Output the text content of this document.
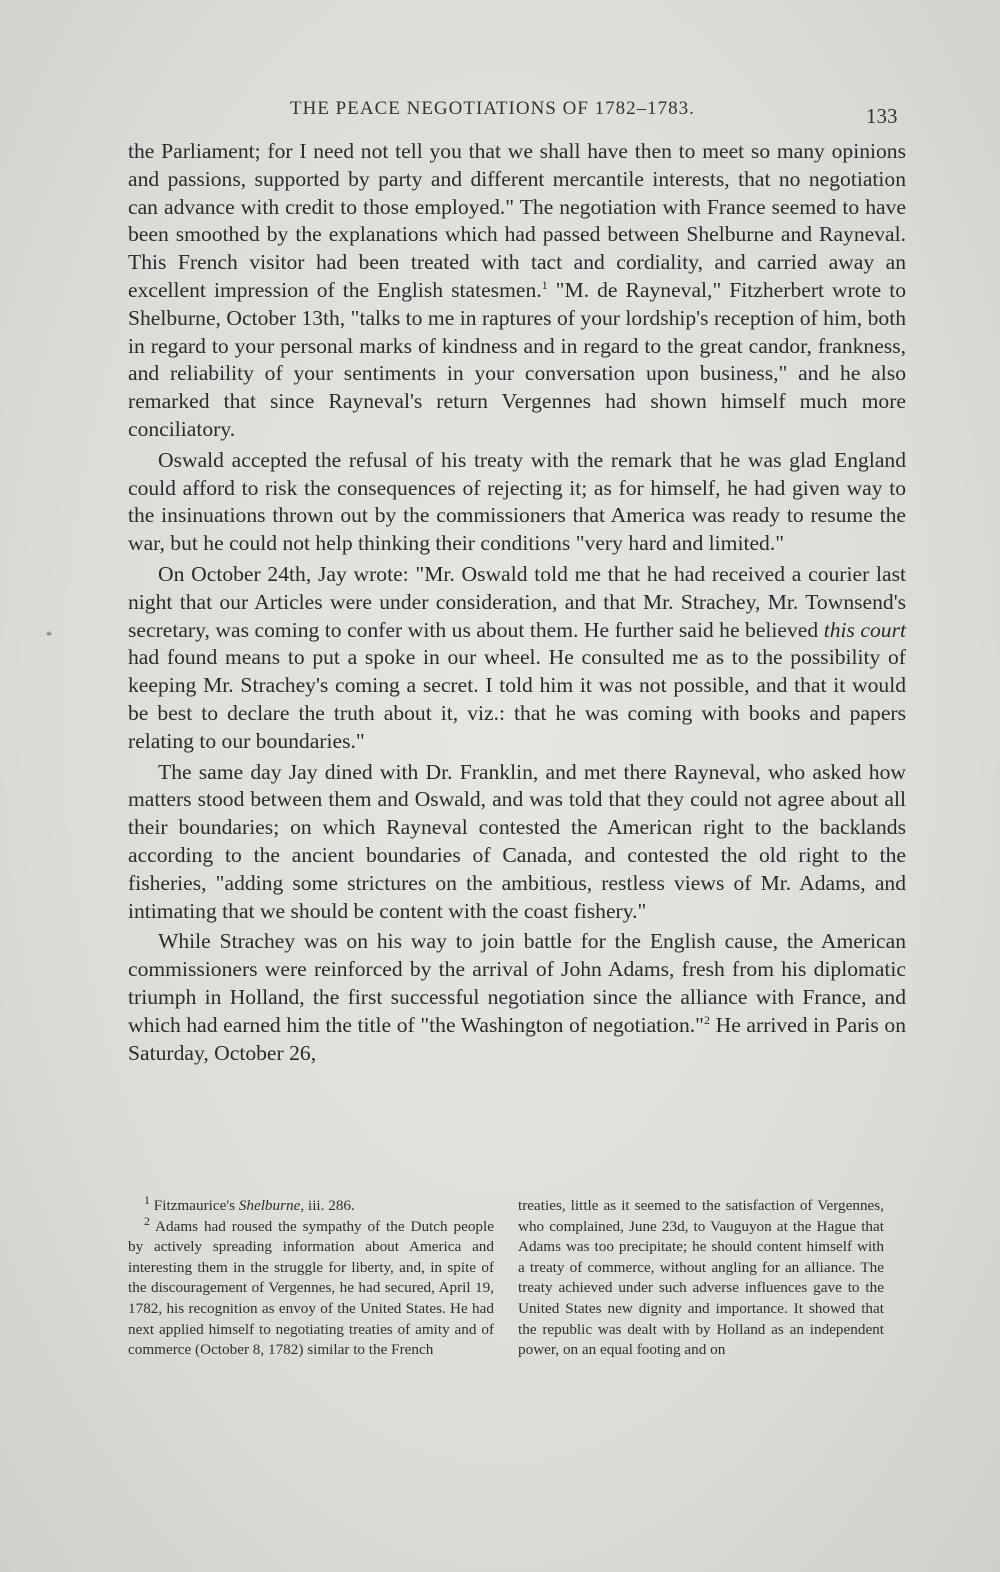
THE PEACE NEGOTIATIONS OF 1782–1783.	133
*

the Parliament; for I need not tell you that we shall have then to meet so many opinions and passions, supported by party and different mercantile interests, that no negotiation can advance with credit to those employed." The negotiation with France seemed to have been smoothed by the explanations which had passed between Shelburne and Rayneval. This French visitor had been treated with tact and cordiality, and carried away an excellent impression of the English statesmen.$^1$ "M. de Rayneval," Fitzherbert wrote to Shelburne, October 13th, "talks to me in raptures of your lordship's reception of him, both in regard to your personal marks of kindness and in regard to the great candor, frankness, and reliability of your sentiments in your conversation upon business," and he also remarked that since Rayneval's return Vergennes had shown himself much more conciliatory.

Oswald accepted the refusal of his treaty with the remark that he was glad England could afford to risk the consequences of rejecting it; as for himself, he had given way to the insinuations thrown out by the commissioners that America was ready to resume the war, but he could not help thinking their conditions "very hard and limited."

On October 24th, Jay wrote: "Mr. Oswald told me that he had received a courier last night that our Articles were under consideration, and that Mr. Strachey, Mr. Townsend's secretary, was coming to confer with us about them. He further said he believed this court had found means to put a spoke in our wheel. He consulted me as to the possibility of keeping Mr. Strachey's coming a secret. I told him it was not possible, and that it would be best to declare the truth about it, viz.: that he was coming with books and papers relating to our boundaries."

The same day Jay dined with Dr. Franklin, and met there Rayneval, who asked how matters stood between them and Oswald, and was told that they could not agree about all their boundaries; on which Rayneval contested the American right to the backlands according to the ancient boundaries of Canada, and contested the old right to the fisheries, "adding some strictures on the ambitious, restless views of Mr. Adams, and intimating that we should be content with the coast fishery."

While Strachey was on his way to join battle for the English cause, the American commissioners were reinforced by the arrival of John Adams, fresh from his diplomatic triumph in Holland, the first successful negotiation since the alliance with France, and which had earned him the title of "the Washington of negotiation."$^2$ He arrived in Paris on Saturday, October 26,

$^1$ Fitzmaurice's Shelburne, iii. 286.

$^2$ Adams had roused the sympathy of the Dutch people by actively spreading information about America and interesting them in the struggle for liberty, and, in spite of the discouragement of Vergennes, he had secured, April 19, 1782, his recognition as envoy of the United States. He had next applied himself to negotiating treaties of amity and of commerce (October 8, 1782) similar to the French

treaties, little as it seemed to the satisfaction of Vergennes, who complained, June 23d, to Vauguyon at the Hague that Adams was too precipitate; he should content himself with a treaty of commerce, without angling for an alliance. The treaty achieved under such adverse influences gave to the United States new dignity and importance. It showed that the republic was dealt with by Holland as an independent power, on an equal footing and on
